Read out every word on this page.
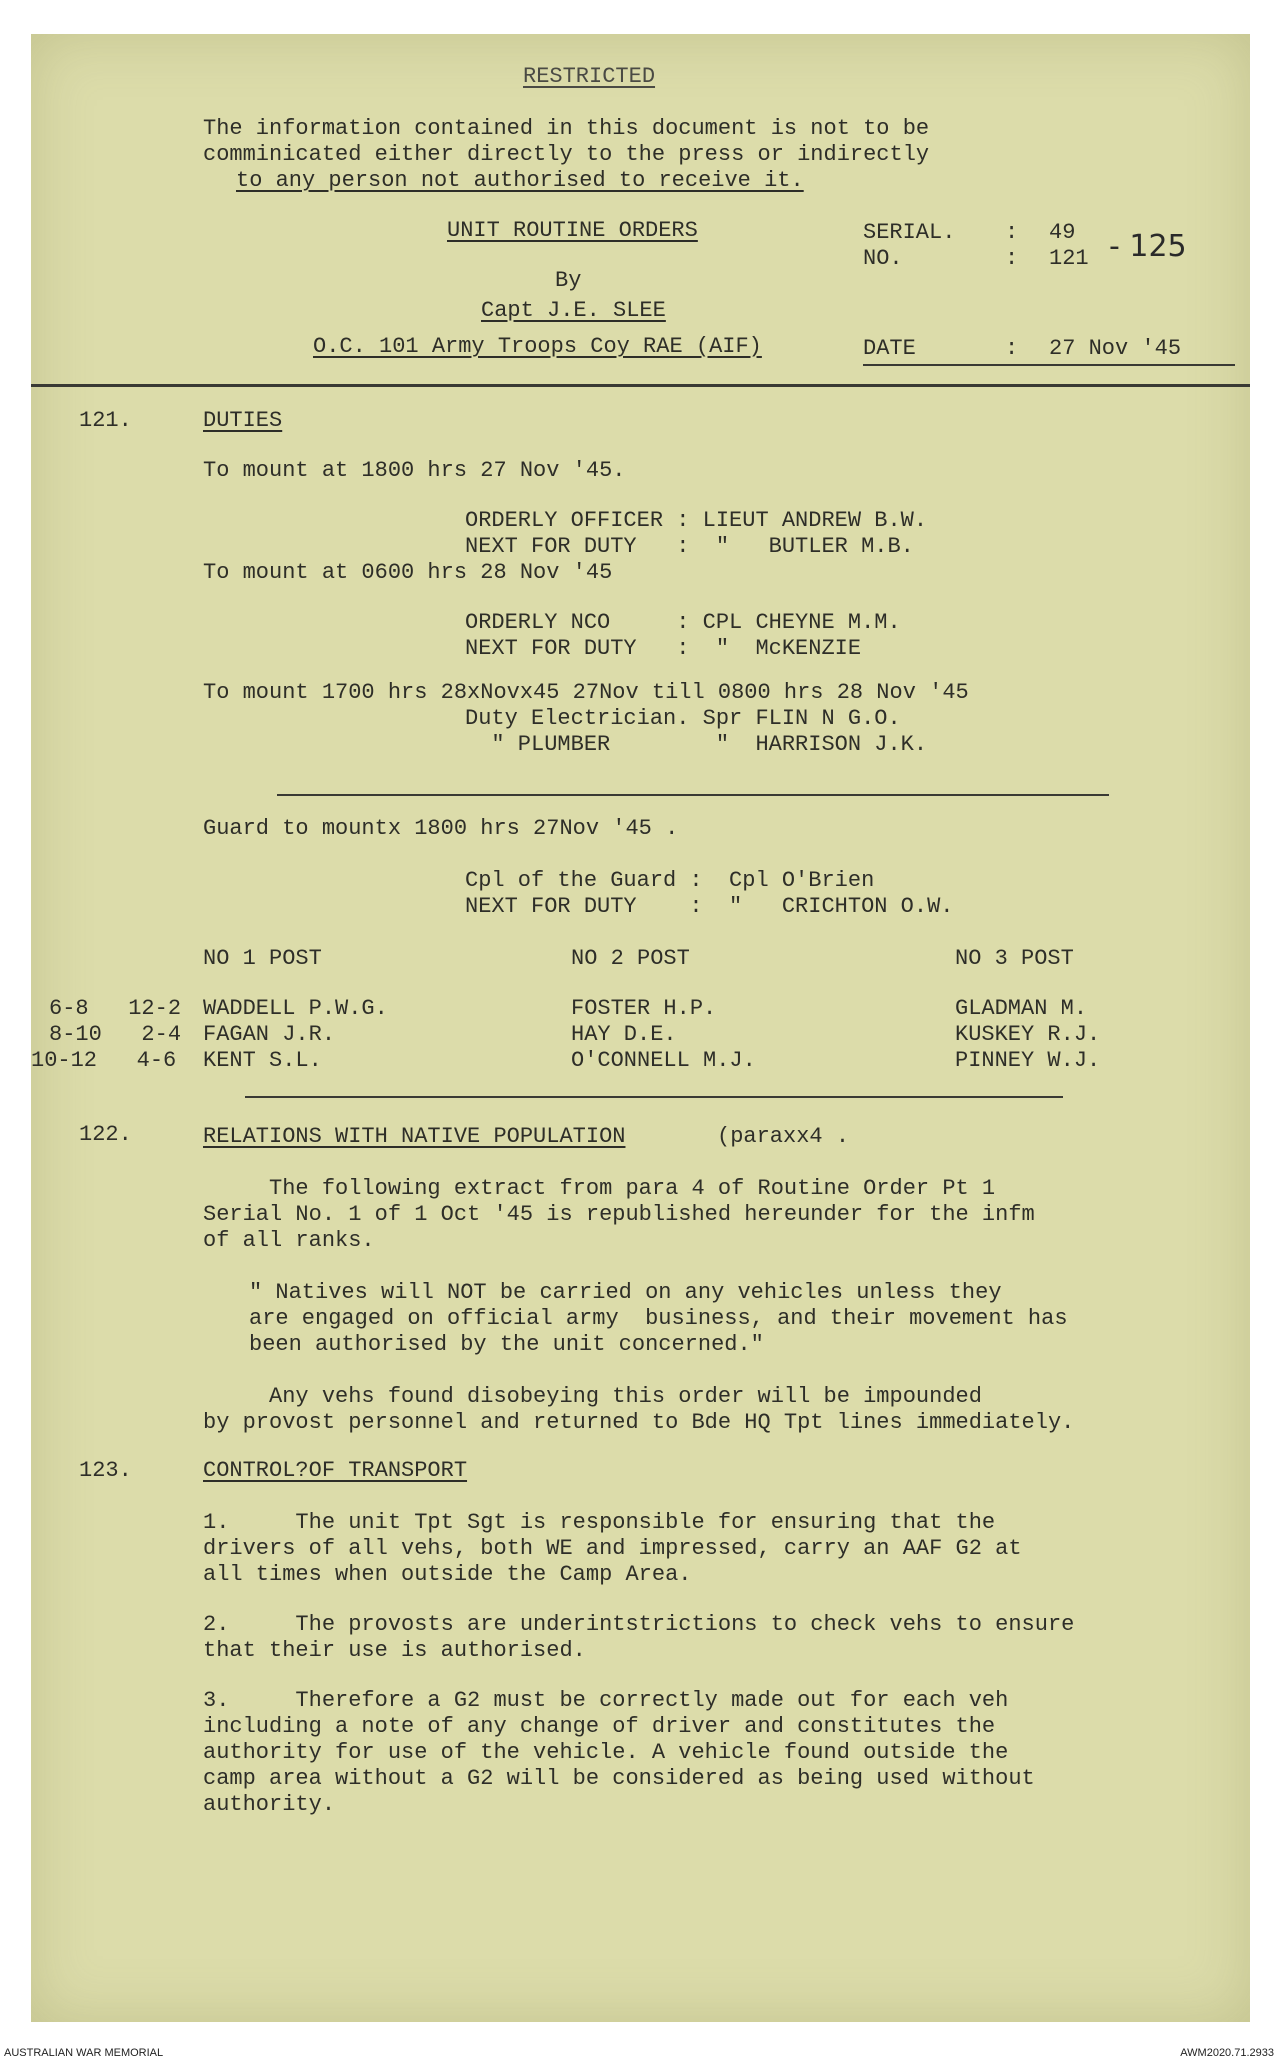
RESTRICTED
The information contained in this document is not to be
comminicated either directly to the press or indirectly
to any person not authorised to receive it.
UNIT ROUTINE ORDERS
By
Capt J.E. SLEE
O.C. 101 Army Troops Coy RAE (AIF)
SERIAL. : 49
NO.	: 121 - 125
DATE	: 27 Nov '45
121.	DUTIES
To mount at 1800 hrs 27 Nov '45.
ORDERLY OFFICER : LIEUT ANDREW B.W.
NEXT FOR DUTY   :  "   BUTLER M.B.
To mount at 0600 hrs 28 Nov '45
ORDERLY NCO     : CPL CHEYNE M.M.
NEXT FOR DUTY   :  "  McKENZIE
To mount 1700 hrs 28xNovx45 27Nov till 0800 hrs 28 Nov '45
Duty Electrician. Spr FLIN N G.O.
" PLUMBER        "  HARRISON J.K.
Guard to mountx 1800 hrs 27Nov '45 .
Cpl of the Guard :  Cpl O'Brien
NEXT FOR DUTY    :  "   CRICHTON O.W.
NO 1 POST	NO 2 POST	NO 3 POST
6-8   12-2 WADDELL P.W.G.	FOSTER H.P.	GLADMAN M.
8-10   2-4 FAGAN J.R.	HAY D.E.	KUSKEY R.J.
10-12   4-6 KENT S.L.	O'CONNELL M.J.	PINNEY W.J.
122.	RELATIONS WITH NATIVE POPULATION	(paraxx4 .
The following extract from para 4 of Routine Order Pt 1
Serial No. 1 of 1 Oct '45 is republished hereunder for the infm
of all ranks.
" Natives will NOT be carried on any vehicles unless they
are engaged on official army  business, and their movement has
been authorised by the unit concerned."
Any vehs found disobeying this order will be impounded
by provost personnel and returned to Bde HQ Tpt lines immediately.
123.	CONTROL?OF TRANSPORT
1.     The unit Tpt Sgt is responsible for ensuring that the
drivers of all vehs, both WE and impressed, carry an AAF G2 at
all times when outside the Camp Area.
2.     The provosts are underintstrictions to check vehs to ensure
that their use is authorised.
3.     Therefore a G2 must be correctly made out for each veh
including a note of any change of driver and constitutes the
authority for use of the vehicle. A vehicle found outside the
camp area without a G2 will be considered as being used without
authority.
AUSTRALIAN WAR MEMORIAL	AWM2020.71.2933
